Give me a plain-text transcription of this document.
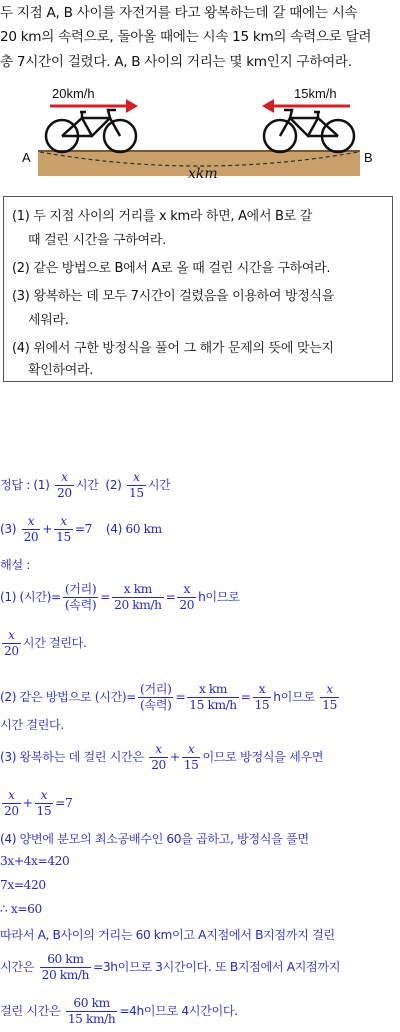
두 지점 A, B 사이를 자전거를 타고 왕복하는데 갈 때에는 시속
20 km의 속력으로, 돌아올 때에는 시속 15 km의 속력으로 달려
총 7시간이 걸렸다. A, B 사이의 거리는 몇 km인지 구하여라.
20km/h	15km/h
A	B
xkm
(1) 두 지점 사이의 거리를 x km라 하면, A에서 B로 갈
때 걸린 시간을 구하여라.
(2) 같은 방법으로 B에서 A로 올 때 걸린 시간을 구하여라.
(3) 왕복하는 데 모두 7시간이 걸렸음을 이용하여 방정식을
세워라.
(4) 위에서 구한 방정식을 풀어 그 해가 문제의 뜻에 맞는지
확인하여라.
정답 : $(1) \frac{x}{20}$ 시간 $(2) \frac{x}{15}$ 시간
$(3) \frac{x}{20} + \frac{x}{15} =7$ (4) 60 km
해설 :
(1) (시간)= $\frac{\text{(거리)}}{\text{(속력)}} = \frac{\text{x km}}{20 km/h} = \frac{x}{20}$ h이므로
$\frac{x}{20}$ 시간 걸린다.
(2) 같은 방법으로 (시간)= $\frac{\text{(거리)}}{\text{(속력)}} = \frac{\text{x km}}{15 km/h} = \frac{x}{15}$ h이므로 $\frac{x}{15}$
시간 걸린다.
(3) 왕복하는 데 걸린 시간은 $\frac{x}{20} + \frac{x}{15}$ 이므로 방정식을 세우면
$\frac{x}{20} + \frac{x}{15} =7$
(4) 양변에 분모의 최소공배수인 60을 곱하고, 방정식을 풀면
3x+4x=420
7x=420
∴ x=60
따라서 A, B사이의 거리는 60 km이고 A지점에서 B지점까지 걸린
시간은 $\frac{60 km}{20 km/h} =3h$이므로 3시간이다. 또 B지점에서 A지점까지
걸린 시간은 $\frac{60 km}{15 km/h} =4h$이므로 4시간이다.
